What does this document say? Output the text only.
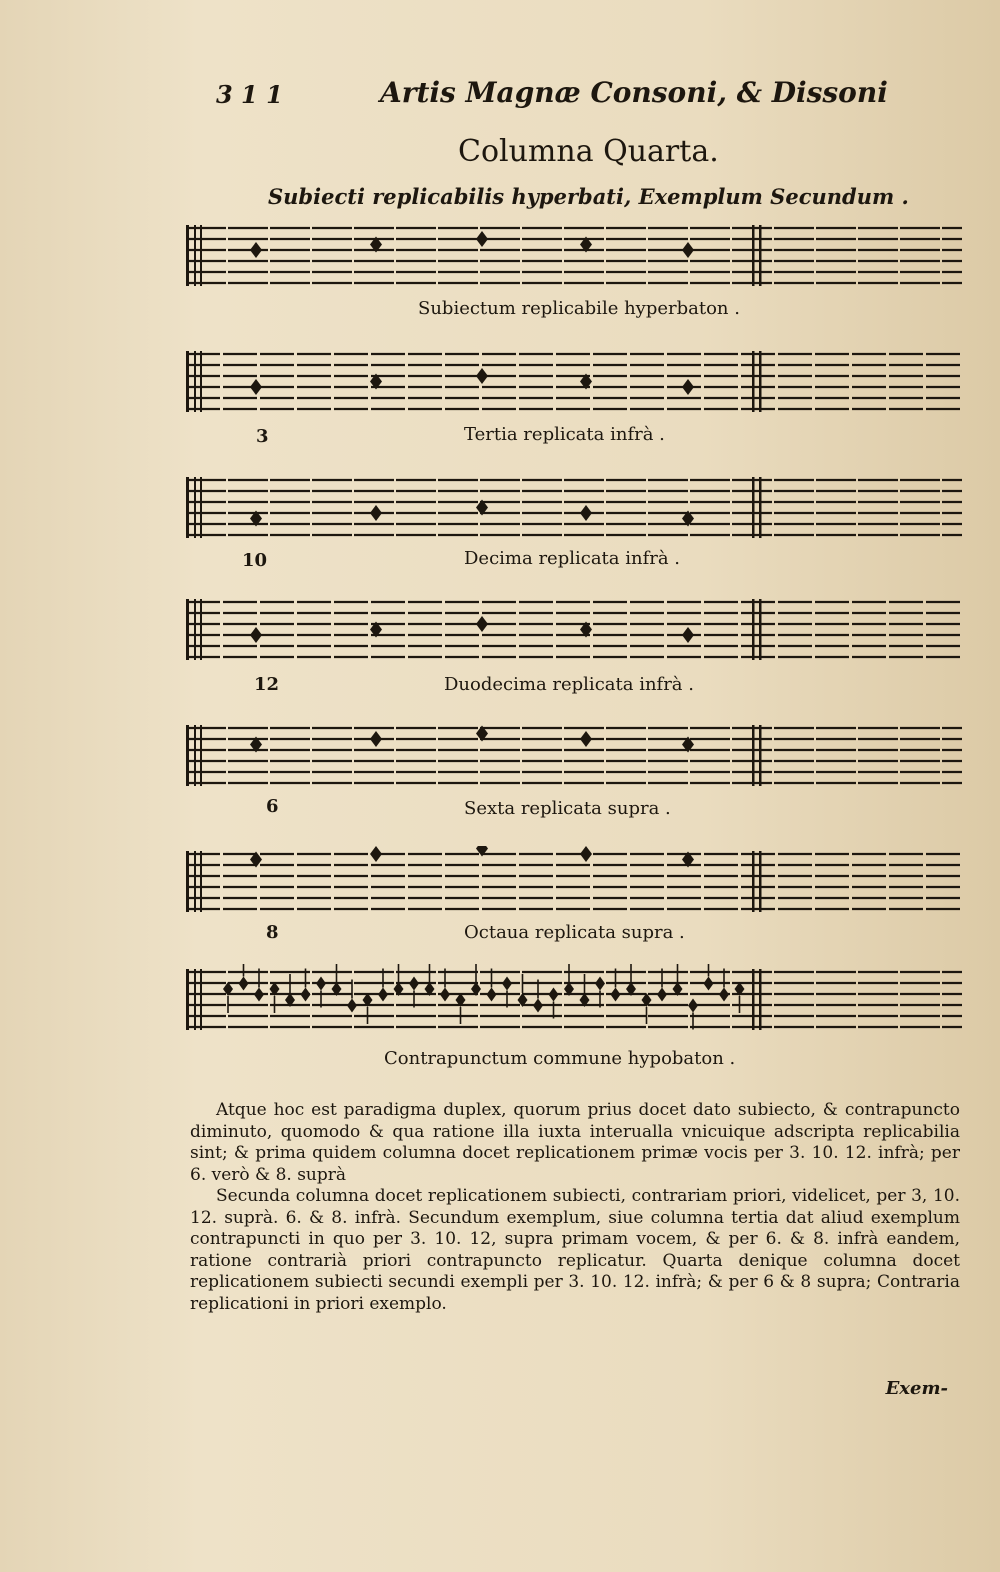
3 1 1	Artis Magnæ Consoni, & Dissoni
Columna Quarta.
Subiecti replicabilis hyperbati, Exemplum Secundum .
Subiectum replicabile hyperbaton .
3	Tertia replicata infrà .
10	Decima replicata infrà .
12	Duodecima replicata infrà .
6	Sexta replicata supra .
8	Octaua replicata supra .
Contrapunctum commune hypobaton .

Atque hoc est paradigma duplex, quorum prius docet dato subiecto, & contrapuncto diminuto, quomodo & qua ratione illa iuxta interualla vnicuique adscripta replicabilia sint; & prima quidem columna docet replicationem primæ vocis per 3. 10. 12. infrà; per 6. verò & 8. suprà

Secunda columna docet replicationem subiecti, contrariam priori, videlicet, per 3, 10. 12. suprà. 6. & 8. infrà. Secundum exemplum, siue columna tertia dat aliud exemplum contrapuncti in quo per 3. 10. 12, supra primam vocem, & per 6. & 8. infrà eandem, ratione contrarià priori contrapuncto replicatur. Quarta denique columna docet replicationem subiecti secundi exempli per 3. 10. 12. infrà; & per 6 & 8 supra; Contraria replicationi in priori exemplo.

Exem-
